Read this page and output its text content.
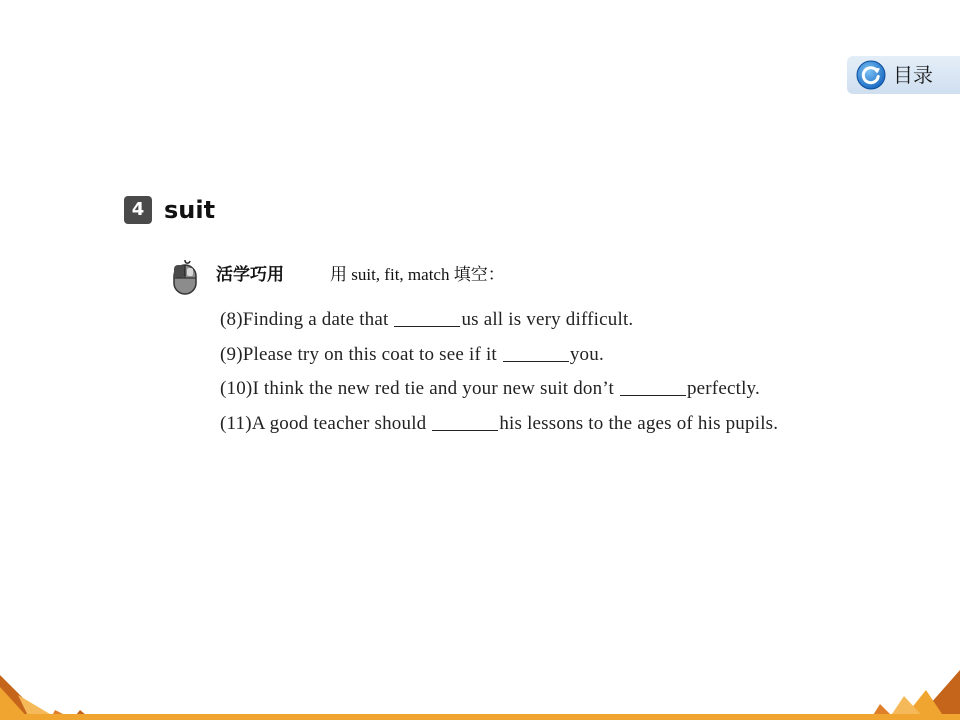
目录
4 suit
活学巧用	用 suit, fit, match 填空：

(8)Finding a date that	us all is very difficult.

(9)Please try on this coat to see if it	you.

(10)I think the new red tie and your new suit don’t	perfectly.

(11)A good teacher should	his lessons to the ages of his pupils.
